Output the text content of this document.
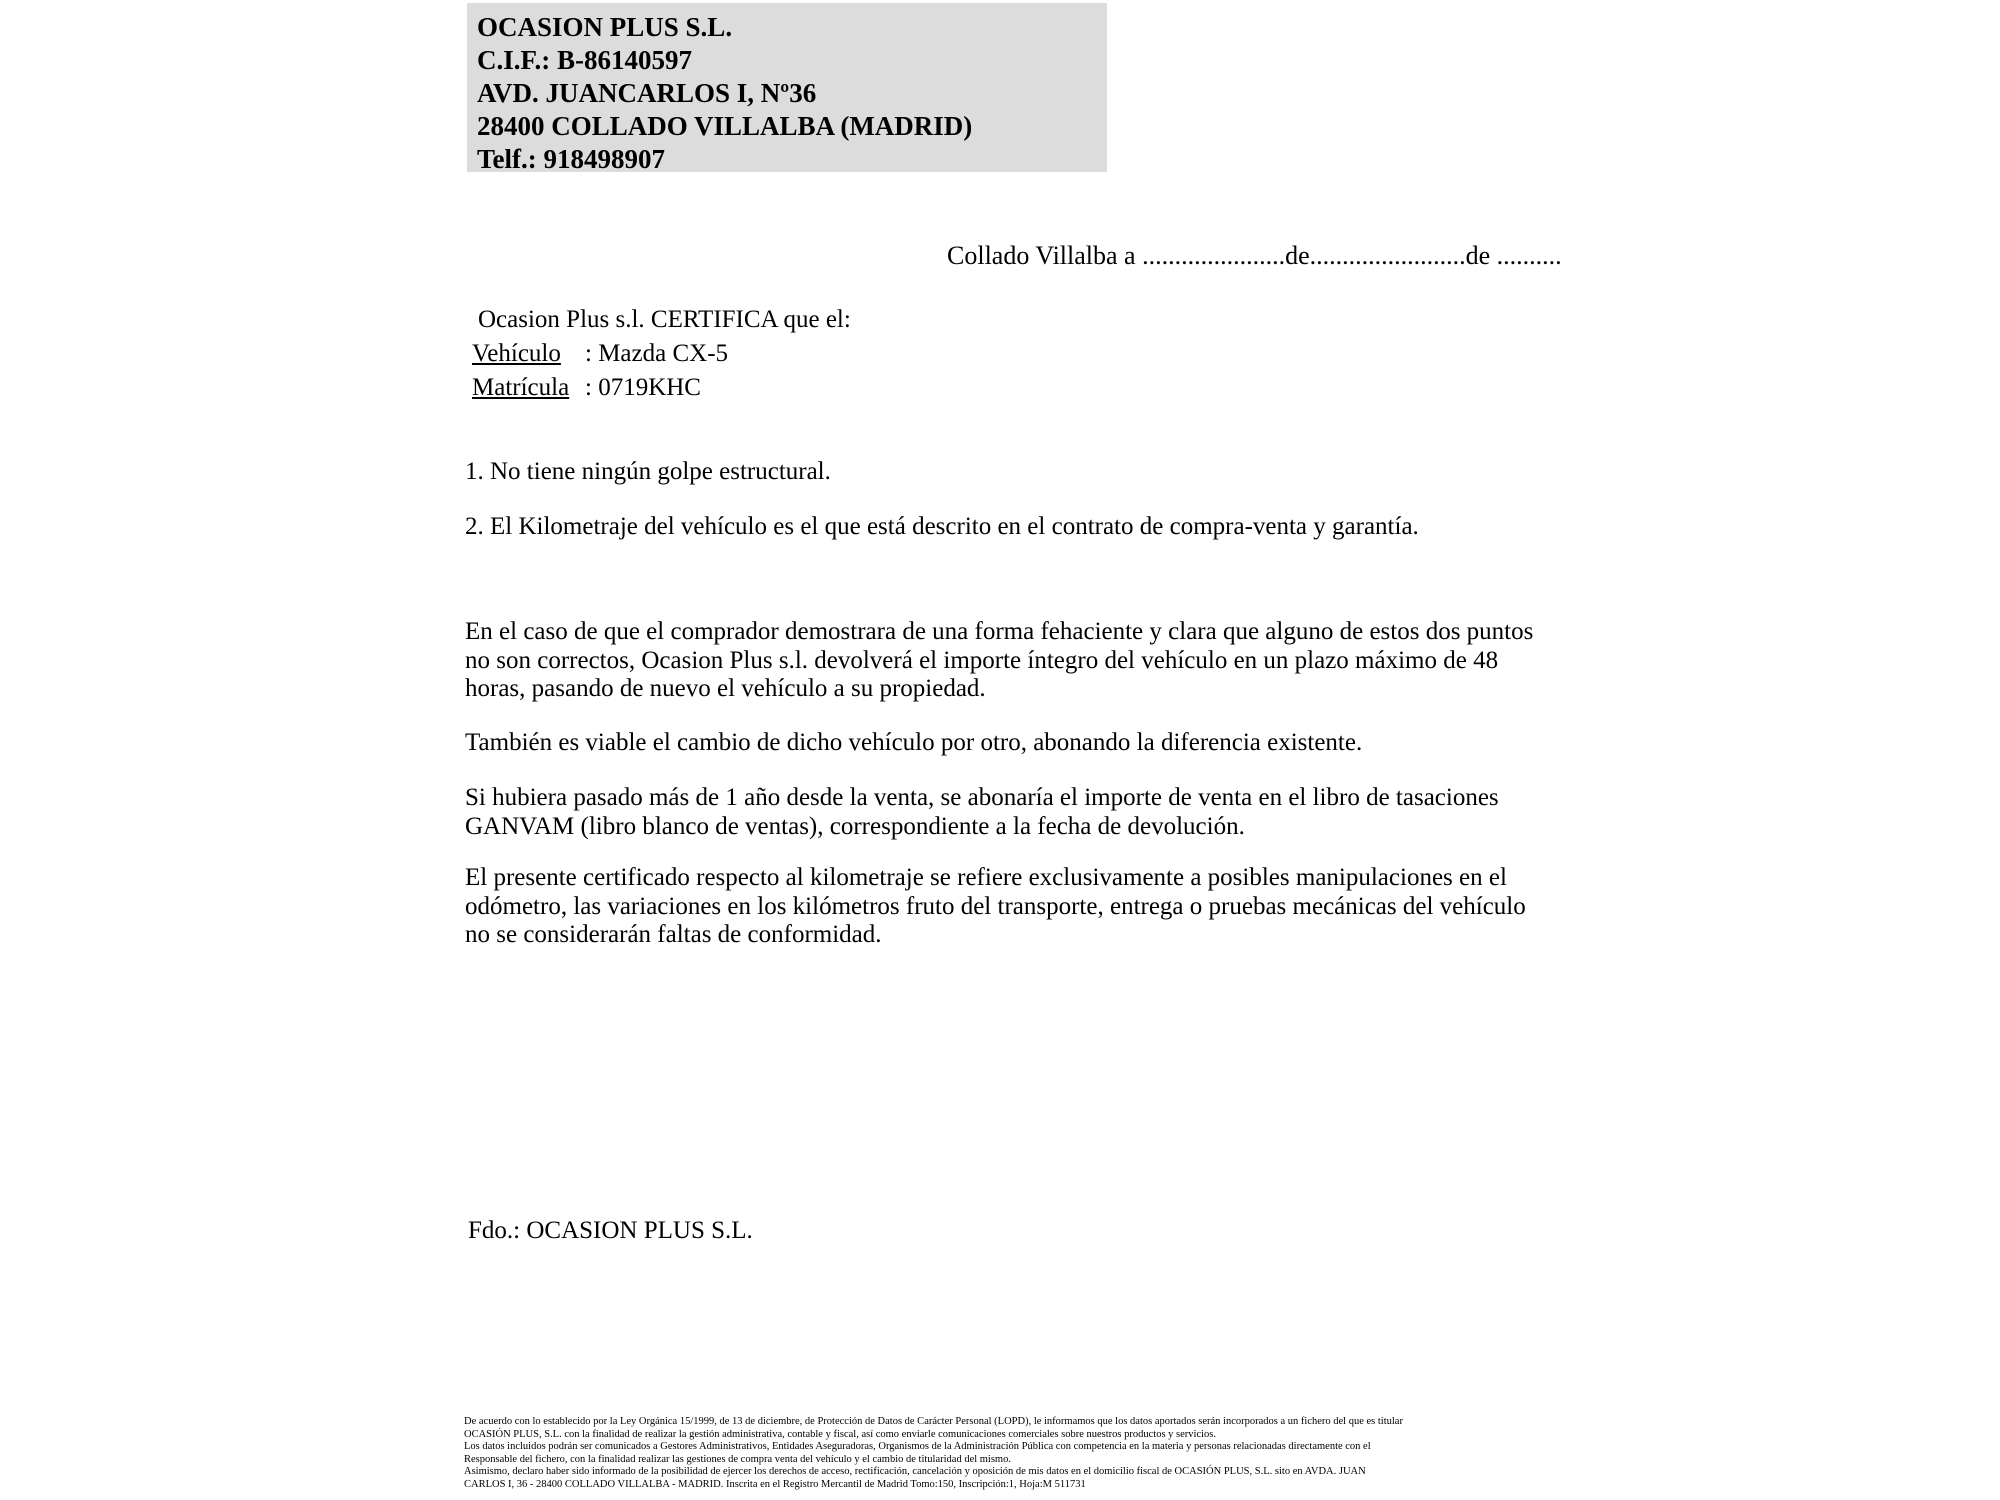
OCASION PLUS S.L.
C.I.F.: B-86140597
AVD. JUANCARLOS I, Nº36
28400 COLLADO VILLALBA (MADRID)
Telf.: 918498907
Collado Villalba a ......................de........................de ..........
Ocasion Plus s.l. CERTIFICA que el:
Vehículo : Mazda CX-5
Matrícula : 0719KHC
1. No tiene ningún golpe estructural.
2. El Kilometraje del vehículo es el que está descrito en el contrato de compra-venta y garantía.
En el caso de que el comprador demostrara de una forma fehaciente y clara que alguno de estos dos puntos no son correctos, Ocasion Plus s.l. devolverá el importe íntegro del vehículo en un plazo máximo de 48 horas, pasando de nuevo el vehículo a su propiedad.
También es viable el cambio de dicho vehículo por otro, abonando la diferencia existente.
Si hubiera pasado más de 1 año desde la venta, se abonaría el importe de venta en el libro de tasaciones GANVAM (libro blanco de ventas), correspondiente a la fecha de devolución.
El presente certificado respecto al kilometraje se refiere exclusivamente a posibles manipulaciones en el odómetro, las variaciones en los kilómetros fruto del transporte, entrega o pruebas mecánicas del vehículo no se considerarán faltas de conformidad.
Fdo.: OCASION PLUS S.L.
De acuerdo con lo establecido por la Ley Orgánica 15/1999, de 13 de diciembre, de Protección de Datos de Carácter Personal (LOPD), le informamos que los datos aportados serán incorporados a un fichero del que es titular
OCASIÓN PLUS, S.L. con la finalidad de realizar la gestión administrativa, contable y fiscal, así como enviarle comunicaciones comerciales sobre nuestros productos y servicios.
Los datos incluidos podrán ser comunicados a Gestores Administrativos, Entidades Aseguradoras, Organismos de la Administración Pública con competencia en la materia y personas relacionadas directamente con el
Responsable del fichero, con la finalidad realizar las gestiones de compra venta del vehículo y el cambio de titularidad del mismo.
Asimismo, declaro haber sido informado de la posibilidad de ejercer los derechos de acceso, rectificación, cancelación y oposición de mis datos en el domicilio fiscal de OCASIÓN PLUS, S.L. sito en AVDA. JUAN
CARLOS I, 36 - 28400 COLLADO VILLALBA - MADRID. Inscrita en el Registro Mercantil de Madrid Tomo:150, Inscripción:1, Hoja:M 511731
